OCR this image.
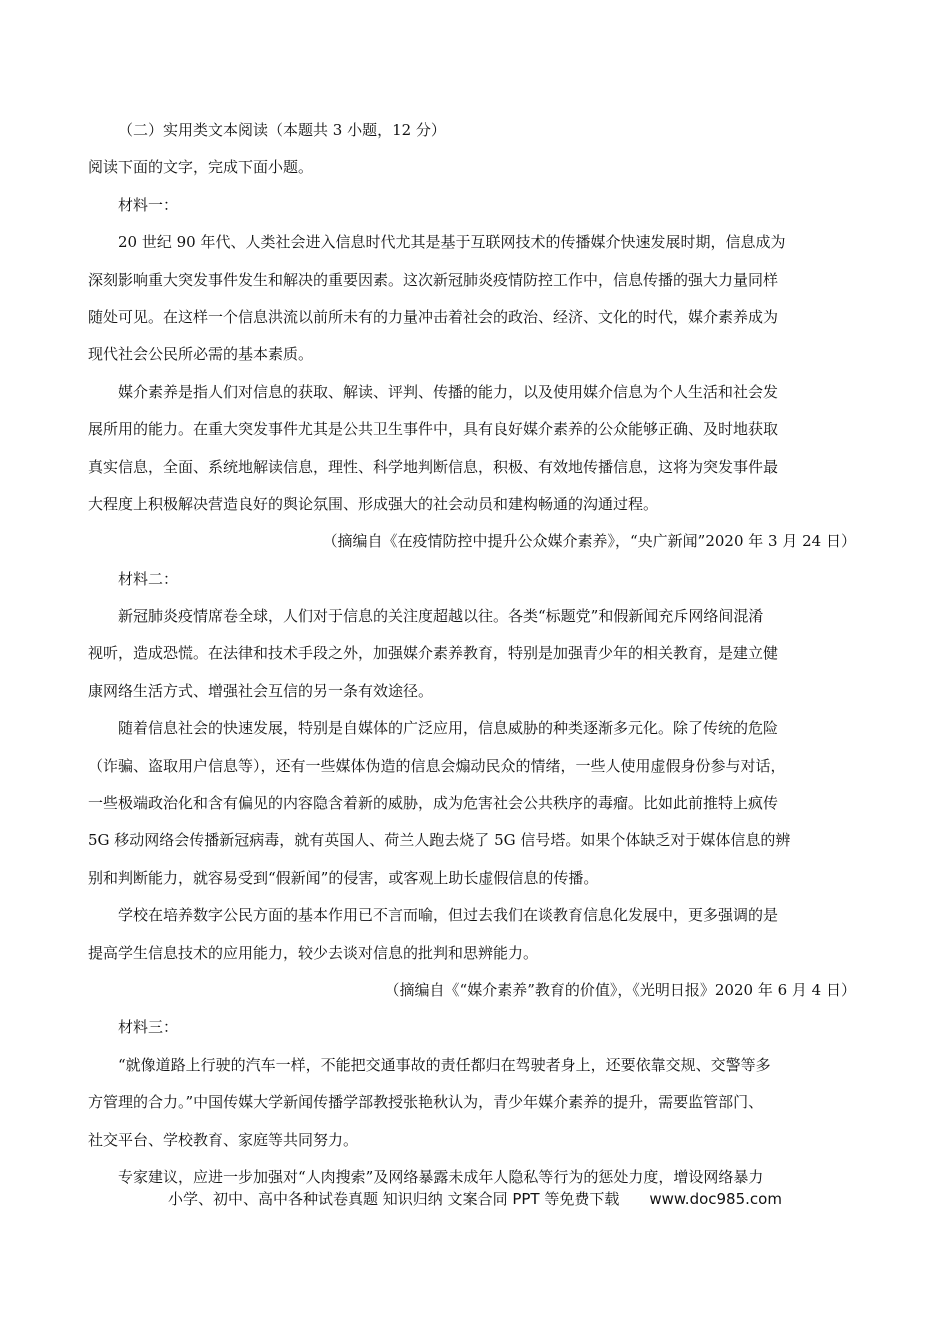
（二）实用类文本阅读（本题共 3 小题，12 分）
阅读下面的文字，完成下面小题。
材料一：
20 世纪 90 年代、人类社会进入信息时代尤其是基于互联网技术的传播媒介快速发展时期，信息成为
深刻影响重大突发事件发生和解决的重要因素。这次新冠肺炎疫情防控工作中，信息传播的强大力量同样
随处可见。在这样一个信息洪流以前所未有的力量冲击着社会的政治、经济、文化的时代，媒介素养成为
现代社会公民所必需的基本素质。
媒介素养是指人们对信息的获取、解读、评判、传播的能力，以及使用媒介信息为个人生活和社会发
展所用的能力。在重大突发事件尤其是公共卫生事件中，具有良好媒介素养的公众能够正确、及时地获取
真实信息，全面、系统地解读信息，理性、科学地判断信息，积极、有效地传播信息，这将为突发事件最
大程度上积极解决营造良好的舆论氛围、形成强大的社会动员和建构畅通的沟通过程。
（摘编自《在疫情防控中提升公众媒介素养》，“央广新闻”2020 年 3 月 24 日）
材料二：
新冠肺炎疫情席卷全球，人们对于信息的关注度超越以往。各类“标题党”和假新闻充斥网络间混淆
视听，造成恐慌。在法律和技术手段之外，加强媒介素养教育，特别是加强青少年的相关教育，是建立健
康网络生活方式、增强社会互信的另一条有效途径。
随着信息社会的快速发展，特别是自媒体的广泛应用，信息威胁的种类逐渐多元化。除了传统的危险
（诈骗、盗取用户信息等），还有一些媒体伪造的信息会煽动民众的情绪，一些人使用虚假身份参与对话，
一些极端政治化和含有偏见的内容隐含着新的威胁，成为危害社会公共秩序的毒瘤。比如此前推特上疯传
5G 移动网络会传播新冠病毒，就有英国人、荷兰人跑去烧了 5G 信号塔。如果个体缺乏对于媒体信息的辨
别和判断能力，就容易受到“假新闻”的侵害，或客观上助长虚假信息的传播。
学校在培养数字公民方面的基本作用已不言而喻，但过去我们在谈教育信息化发展中，更多强调的是
提高学生信息技术的应用能力，较少去谈对信息的批判和思辨能力。
（摘编自《“媒介素养”教育的价值》，《光明日报》2020 年 6 月 4 日）
材料三：
“就像道路上行驶的汽车一样，不能把交通事故的责任都归在驾驶者身上，还要依靠交规、交警等多
方管理的合力。”中国传媒大学新闻传播学部教授张艳秋认为，青少年媒介素养的提升，需要监管部门、
社交平台、学校教育、家庭等共同努力。
专家建议，应进一步加强对“人肉搜索”及网络暴露未成年人隐私等行为的惩处力度，增设网络暴力
小学、初中、高中各种试卷真题 知识归纳 文案合同 PPT 等免费下载 www.doc985.com
